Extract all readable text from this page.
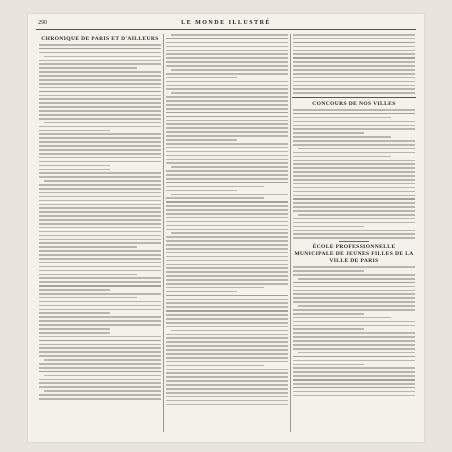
290	LE MONDE ILLUSTRÉ
CHRONIQUE DE PARIS ET D'AILLEURS
CONCOURS DE NOS VILLES
ÉCOLE PROFESSIONNELLE MUNICIPALE DE JEUNES FILLES DE LA VILLE DE PARIS
